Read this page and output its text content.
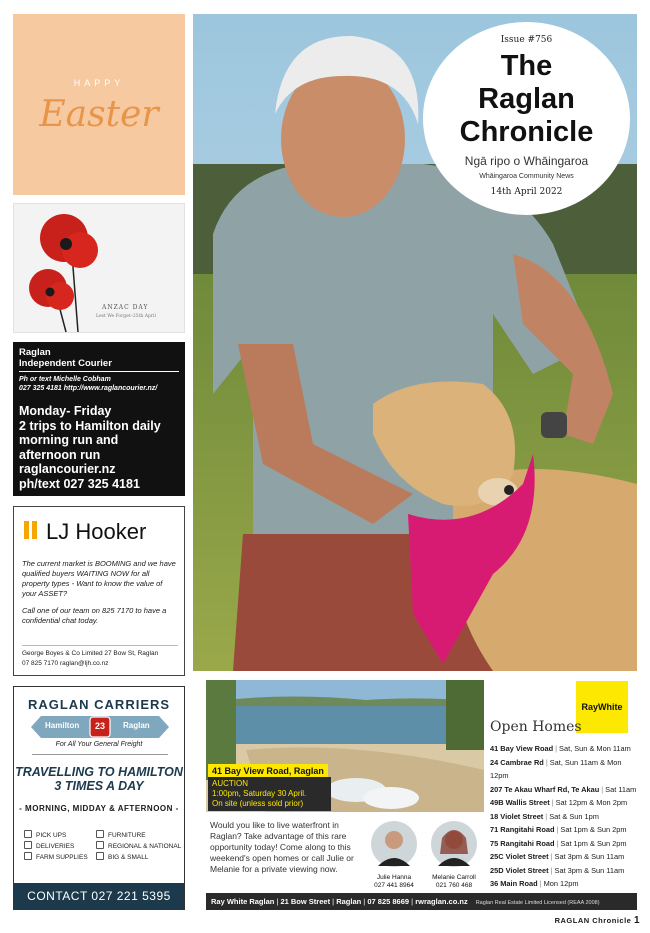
HAPPY
Easter
ANZAC DAY
Lest We Forget–25th April
Raglan
Independent Courier
Ph or text Michelle Cobham
027 325 4181 http://www.raglancourier.nz/
Monday- Friday
2 trips to Hamilton daily
morning run and
afternoon run
raglancourier.nz
ph/text 027 325 4181
LJ Hooker

The current market is BOOMING and we have qualified buyers WAITING NOW for all property types - Want to know the value of your ASSET?

Call one of our team on 825 7170 to have a confidential chat today.

George Boyes & Co Limited 27 Bow St, Raglan
07 825 7170 raglan@ljh.co.nz
RAGLAN CARRIERS
Hamilton	23	Raglan
For All Your General Freight
TRAVELLING TO HAMILTON
3 TIMES A DAY
- MORNING, MIDDAY & AFTERNOON -
PICK UPS
DELIVERIES
FARM SUPPLIES
FURNITURE
REGIONAL & NATIONAL
BIG & SMALL
CONTACT 027 221 5395
Issue #756
The
Raglan
Chronicle
Ngā ripo o Whāingaroa
Whāingaroa Community News
14th April 2022
41 Bay View Road, Raglan
AUCTION
1:00pm, Saturday 30 April.
On site (unless sold prior)
Would you like to live waterfront in Raglan? Take advantage of this rare opportunity today! Come along to this weekend's open homes or call Julie or Melanie for a private viewing now.
Julie Hanna
027 441 8964
Melanie Carroll
021 760 468
RayWhite
Open Homes
41 Bay View Road | Sat, Sun & Mon 11am
24 Cambrae Rd | Sat, Sun 11am & Mon 12pm
207 Te Akau Wharf Rd, Te Akau | Sat 11am
49B Wallis Street | Sat 12pm & Mon 2pm
18 Violet Street | Sat & Sun 1pm
71 Rangitahi Road | Sat 1pm & Sun 2pm
75 Rangitahi Road | Sat 1pm & Sun 2pm
25C Violet Street | Sat 3pm & Sun 11am
25D Violet Street | Sat 3pm & Sun 11am
36 Main Road | Mon 12pm
Ray White Raglan | 21 Bow Street | Raglan | 07 825 8669 | rwraglan.co.nz Raglan Real Estate Limited Licensed (REAA 2008)
RAGLAN Chronicle 1
